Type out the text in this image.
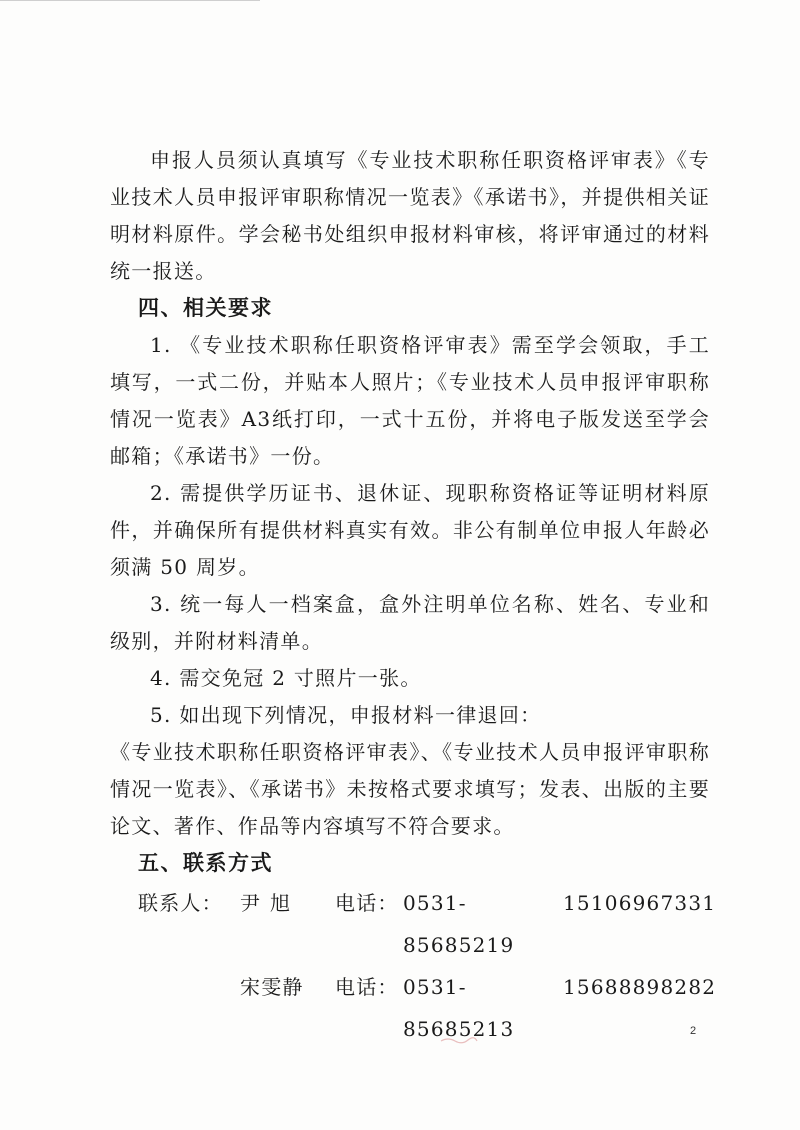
申报人员须认真填写《专业技术职称任职资格评审表》《专业技术人员申报评审职称情况一览表》《承诺书》，并提供相关证明材料原件。学会秘书处组织申报材料审核，将评审通过的材料统一报送。

四、相关要求

1. 《专业技术职称任职资格评审表》需至学会领取，手工填写，一式二份，并贴本人照片；《专业技术人员申报评审职称情况一览表》A3纸打印，一式十五份，并将电子版发送至学会邮箱；《承诺书》一份。

2. 需提供学历证书、退休证、现职称资格证等证明材料原件，并确保所有提供材料真实有效。非公有制单位申报人年龄必须满 50 周岁。

3. 统一每人一档案盒，盒外注明单位名称、姓名、专业和级别，并附材料清单。

4. 需交免冠 2 寸照片一张。

5. 如出现下列情况，申报材料一律退回：

《专业技术职称任职资格评审表》、《专业技术人员申报评审职称情况一览表》、《承诺书》未按格式要求填写；发表、出版的主要论文、著作、作品等内容填写不符合要求。

五、联系方式
联系人： 尹旭	电话： 0531-85685219
15106967331
宋雯静	电话： 0531-85685213
15688898282
2
